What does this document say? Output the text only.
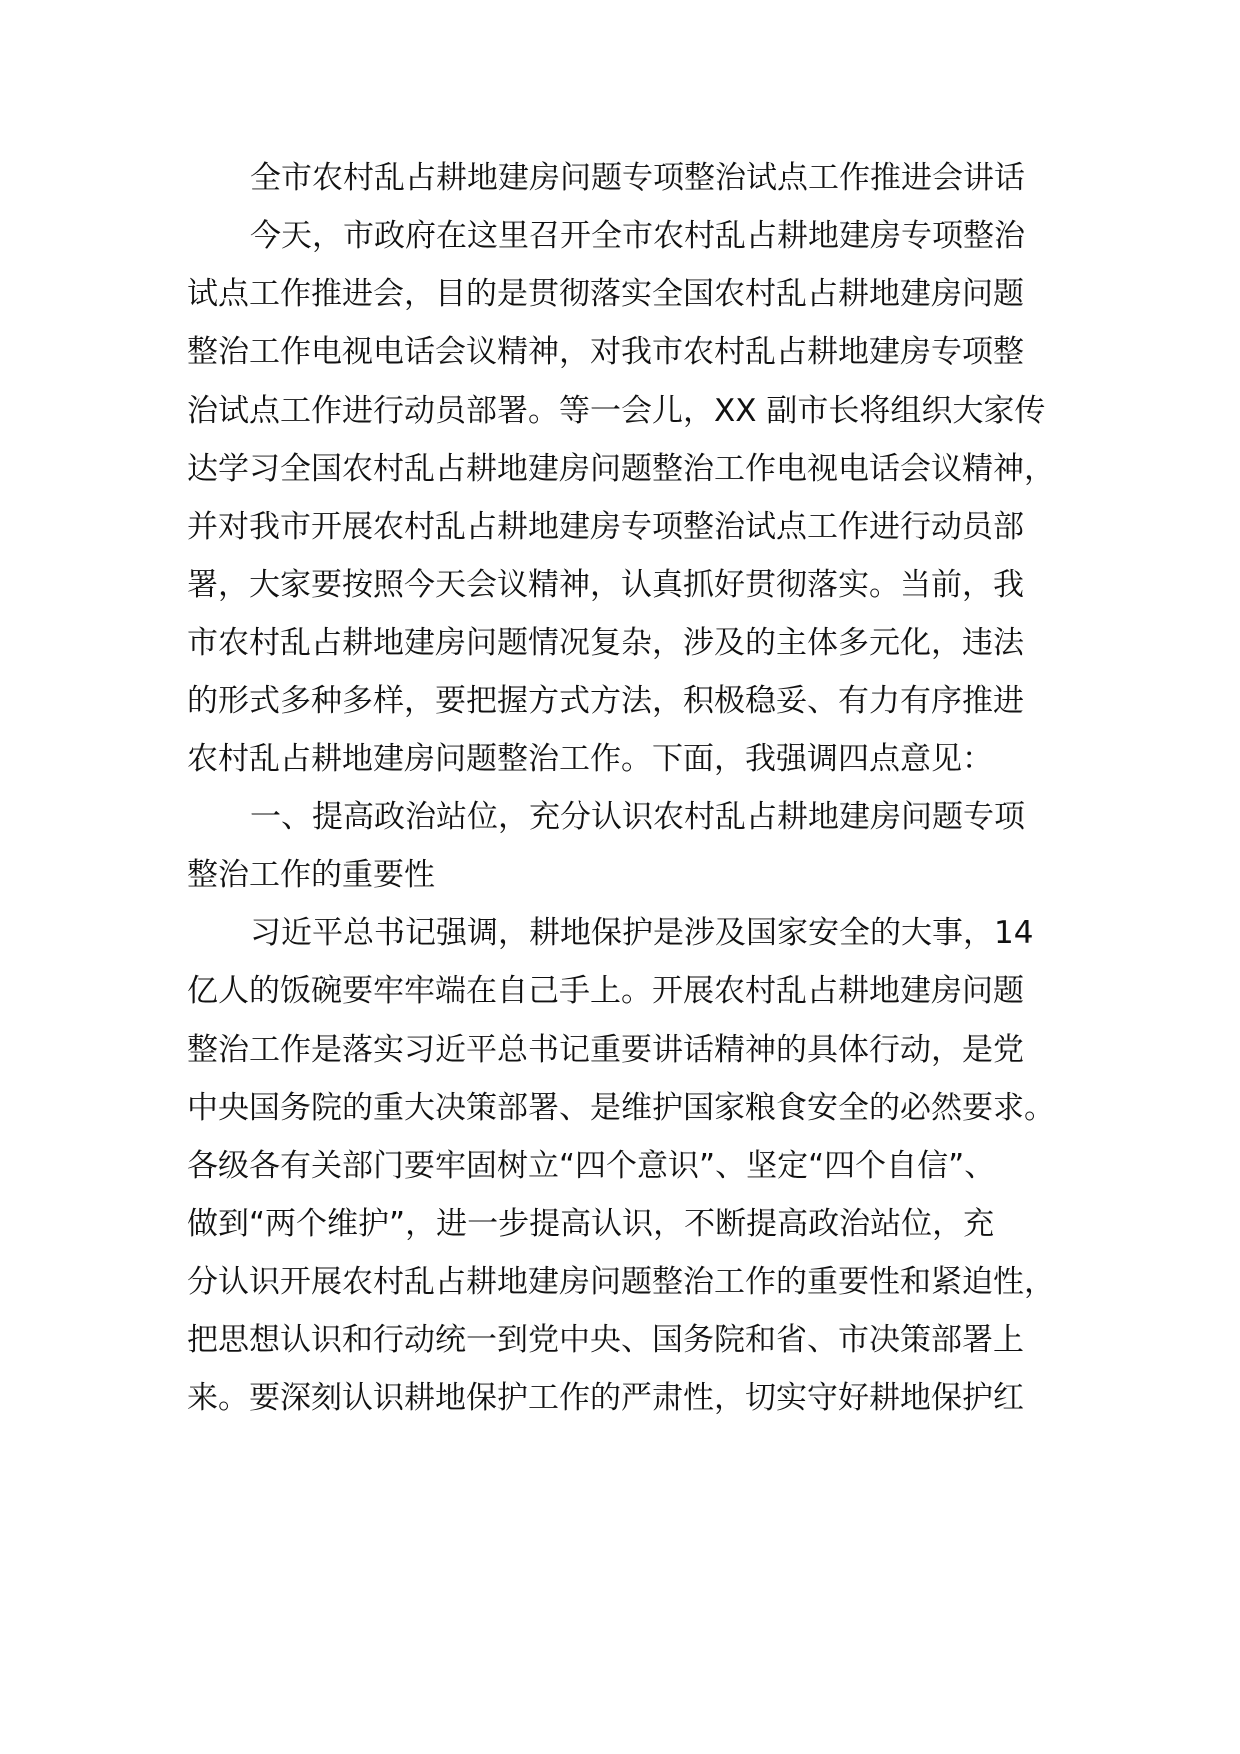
全市农村乱占耕地建房问题专项整治试点工作推进会讲话
今天，市政府在这里召开全市农村乱占耕地建房专项整治
试点工作推进会，目的是贯彻落实全国农村乱占耕地建房问题
整治工作电视电话会议精神，对我市农村乱占耕地建房专项整
治试点工作进行动员部署。等一会儿，XX 副市长将组织大家传
达学习全国农村乱占耕地建房问题整治工作电视电话会议精神，
并对我市开展农村乱占耕地建房专项整治试点工作进行动员部
署，大家要按照今天会议精神，认真抓好贯彻落实。当前，我
市农村乱占耕地建房问题情况复杂，涉及的主体多元化，违法
的形式多种多样，要把握方式方法，积极稳妥、有力有序推进
农村乱占耕地建房问题整治工作。下面，我强调四点意见：
一、提高政治站位，充分认识农村乱占耕地建房问题专项
整治工作的重要性
习近平总书记强调，耕地保护是涉及国家安全的大事，14
亿人的饭碗要牢牢端在自己手上。开展农村乱占耕地建房问题
整治工作是落实习近平总书记重要讲话精神的具体行动，是党
中央国务院的重大决策部署、是维护国家粮食安全的必然要求。
各级各有关部门要牢固树立“四个意识”、坚定“四个自信”、
做到“两个维护”，进一步提高认识，不断提高政治站位，充
分认识开展农村乱占耕地建房问题整治工作的重要性和紧迫性，
把思想认识和行动统一到党中央、国务院和省、市决策部署上
来。要深刻认识耕地保护工作的严肃性，切实守好耕地保护红
